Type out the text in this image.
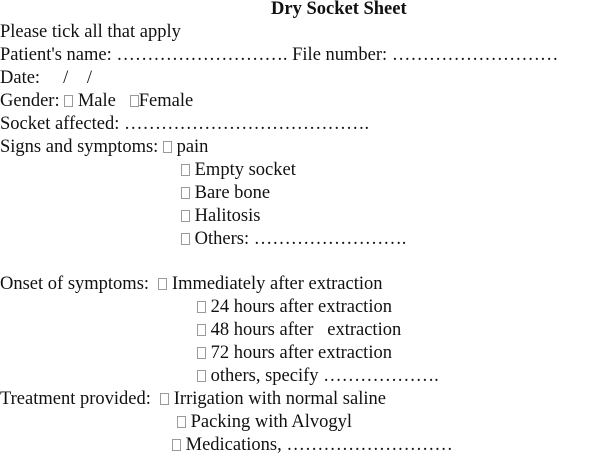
Dry Socket Sheet
Please tick all that apply
Patient's name: ………………………. File number: ………………………
Date:     /    /
Gender:  Male Female
Socket affected: ………………………………….
Signs and symptoms:  pain
Empty socket
Bare bone
Halitosis
Others: …………………….
Onset of symptoms:   Immediately after extraction
24 hours after extraction
48 hours after   extraction
72 hours after extraction
others, specify ……………….
Treatment provided:   Irrigation with normal saline
Packing with Alvogyl
Medications, ………………………
